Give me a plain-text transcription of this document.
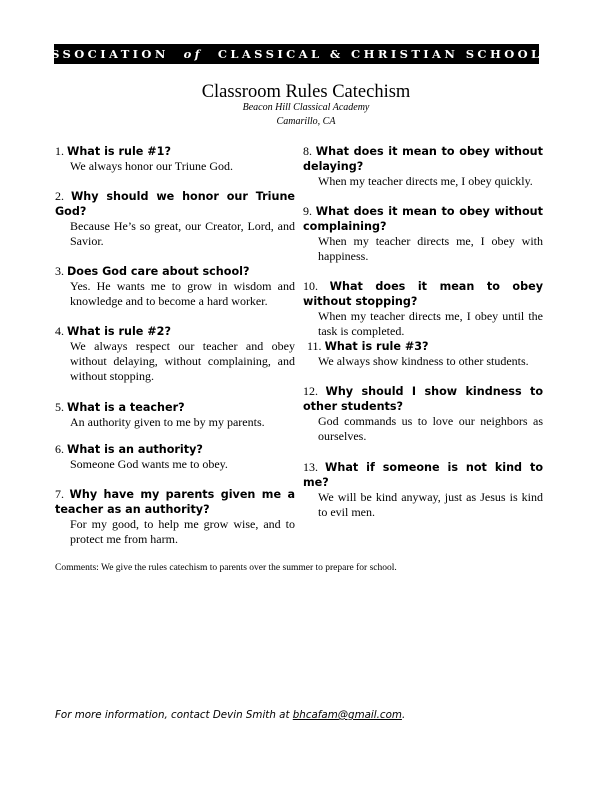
ASSOCIATION
of
CLASSICAL & CHRISTIAN SCHOOLS
Classroom Rules Catechism
Beacon Hill Classical Academy
Camarillo, CA
1. What is rule #1?
We always honor our Triune God.
2. Why should we honor our Triune God?
Because He’s so great, our Creator, Lord, and Savior.
3. Does God care about school?
Yes. He wants me to grow in wisdom and knowledge and to become a hard worker.
4. What is rule #2?
We always respect our teacher and obey without delaying, without complaining, and without stopping.
5. What is a teacher?
An authority given to me by my parents.
6. What is an authority?
Someone God wants me to obey.
7. Why have my parents given me a teacher as an authority?
For my good, to help me grow wise, and to protect me from harm.
8. What does it mean to obey without delaying?
When my teacher directs me, I obey quickly.
9. What does it mean to obey without complaining?
When my teacher directs me, I obey with happiness.
10. What does it mean to obey without stopping?
When my teacher directs me, I obey until the task is completed.
11. What is rule #3?
We always show kindness to other students.
12. Why should I show kindness to other students?
God commands us to love our neighbors as ourselves.
13. What if someone is not kind to me?
We will be kind anyway, just as Jesus is kind to evil men.
Comments: We give the rules catechism to parents over the summer to prepare for school.
For more information, contact Devin Smith at bhcafam@gmail.com.
